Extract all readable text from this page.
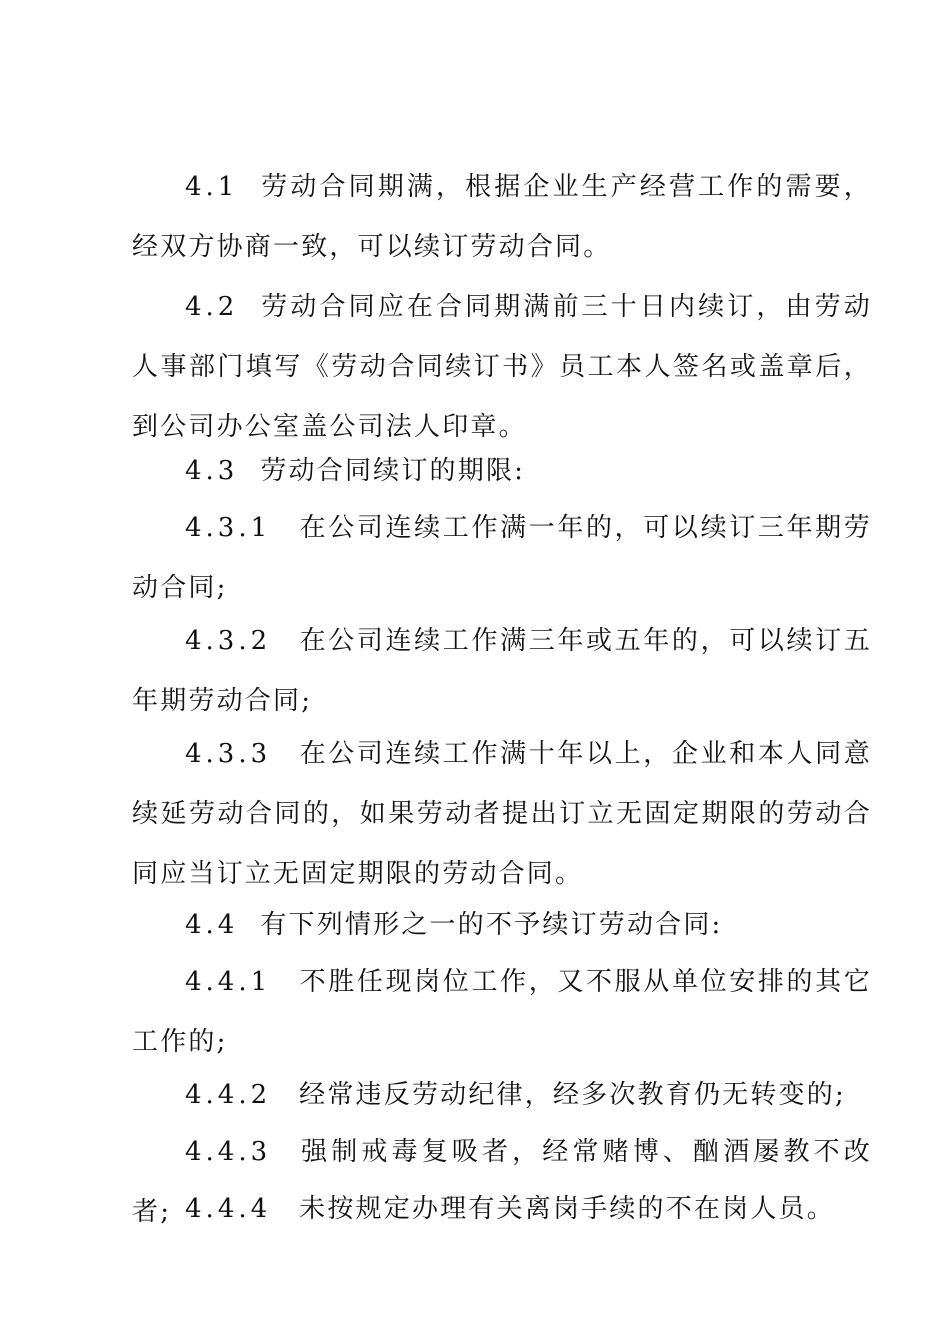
4.1 劳动合同期满，根据企业生产经营工作的需要，经双方协商一致，可以续订劳动合同。

4.2 劳动合同应在合同期满前三十日内续订，由劳动人事部门填写《劳动合同续订书》员工本人签名或盖章后，到公司办公室盖公司法人印章。

4.3 劳动合同续订的期限:

4.3.1 在公司连续工作满一年的，可以续订三年期劳动合同;

4.3.2 在公司连续工作满三年或五年的，可以续订五年期劳动合同;

4.3.3 在公司连续工作满十年以上，企业和本人同意续延劳动合同的，如果劳动者提出订立无固定期限的劳动合同应当订立无固定期限的劳动合同。

4.4 有下列情形之一的不予续订劳动合同:

4.4.1 不胜任现岗位工作，又不服从单位安排的其它工作的;

4.4.2 经常违反劳动纪律，经多次教育仍无转变的;

4.4.3 强制戒毒复吸者，经常赌博、酗酒屡教不改者; 4.4.4 未按规定办理有关离岗手续的不在岗人员。
